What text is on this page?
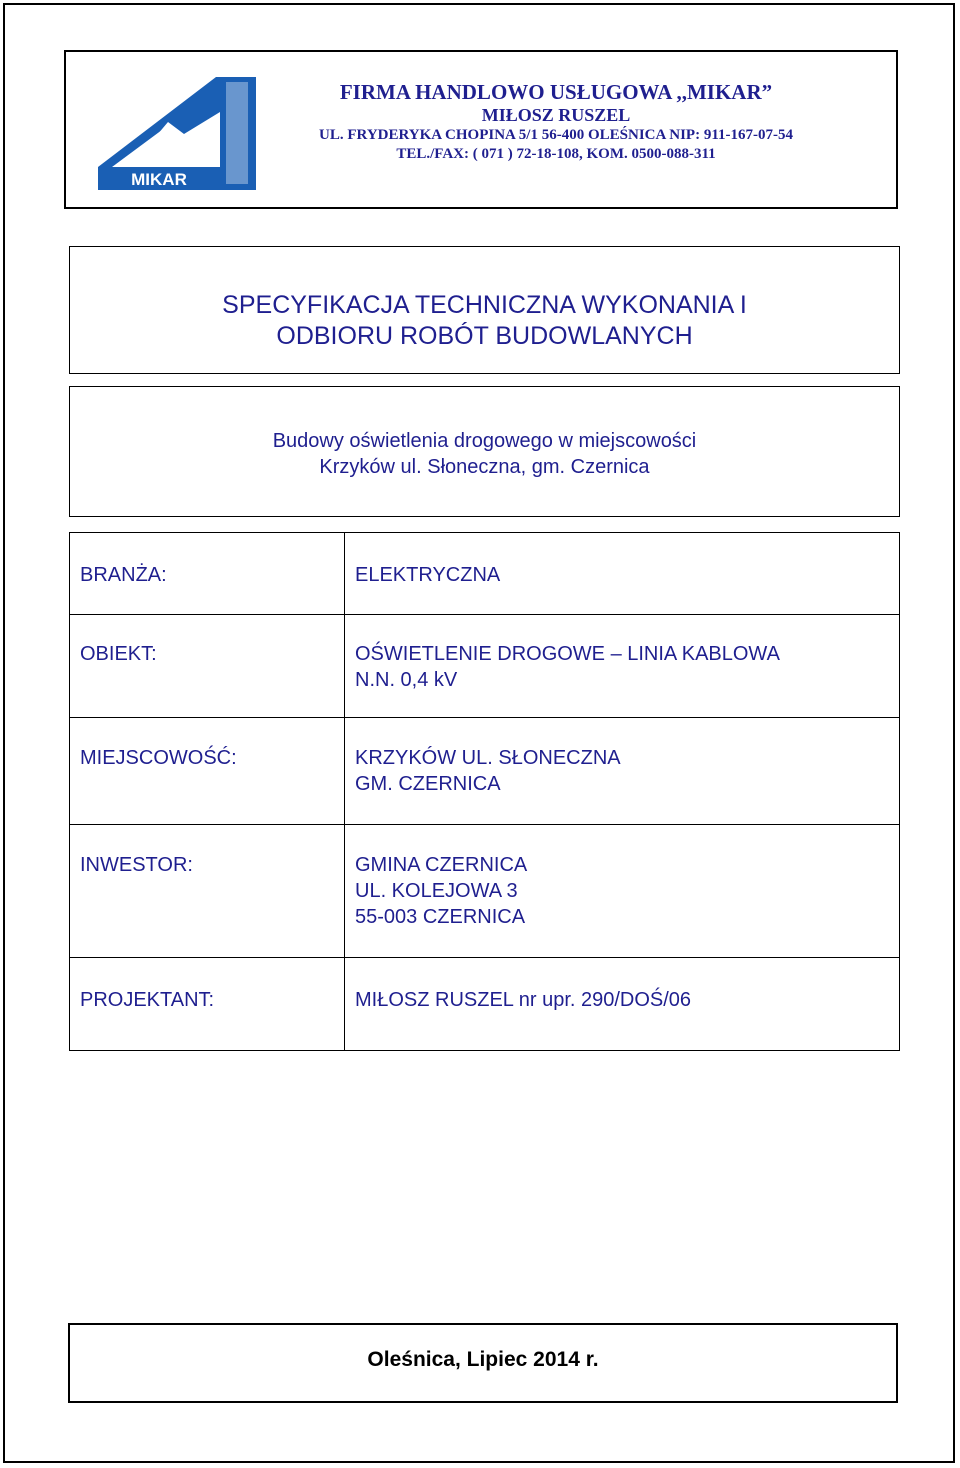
MIKAR
FIRMA HANDLOWO USŁUGOWA ,,MIKAR”
MIŁOSZ RUSZEL
UL. FRYDERYKA CHOPINA 5/1 56-400 OLEŚNICA NIP: 911-167-07-54
TEL./FAX: ( 071 ) 72-18-108, KOM. 0500-088-311
SPECYFIKACJA TECHNICZNA WYKONANIA I
ODBIORU ROBÓT BUDOWLANYCH
Budowy oświetlenia drogowego w miejscowości
Krzyków ul. Słoneczna, gm. Czernica
BRANŻA:	ELEKTRYCZNA

OBIEKT:	OŚWIETLENIE DROGOWE – LINIA KABLOWA
N.N. 0,4 kV

MIEJSCOWOŚĆ:	KRZYKÓW UL. SŁONECZNA
GM. CZERNICA

INWESTOR:	GMINA CZERNICA
UL. KOLEJOWA 3
55-003 CZERNICA

PROJEKTANT:	MIŁOSZ RUSZEL nr upr. 290/DOŚ/06
Oleśnica, Lipiec 2014 r.
